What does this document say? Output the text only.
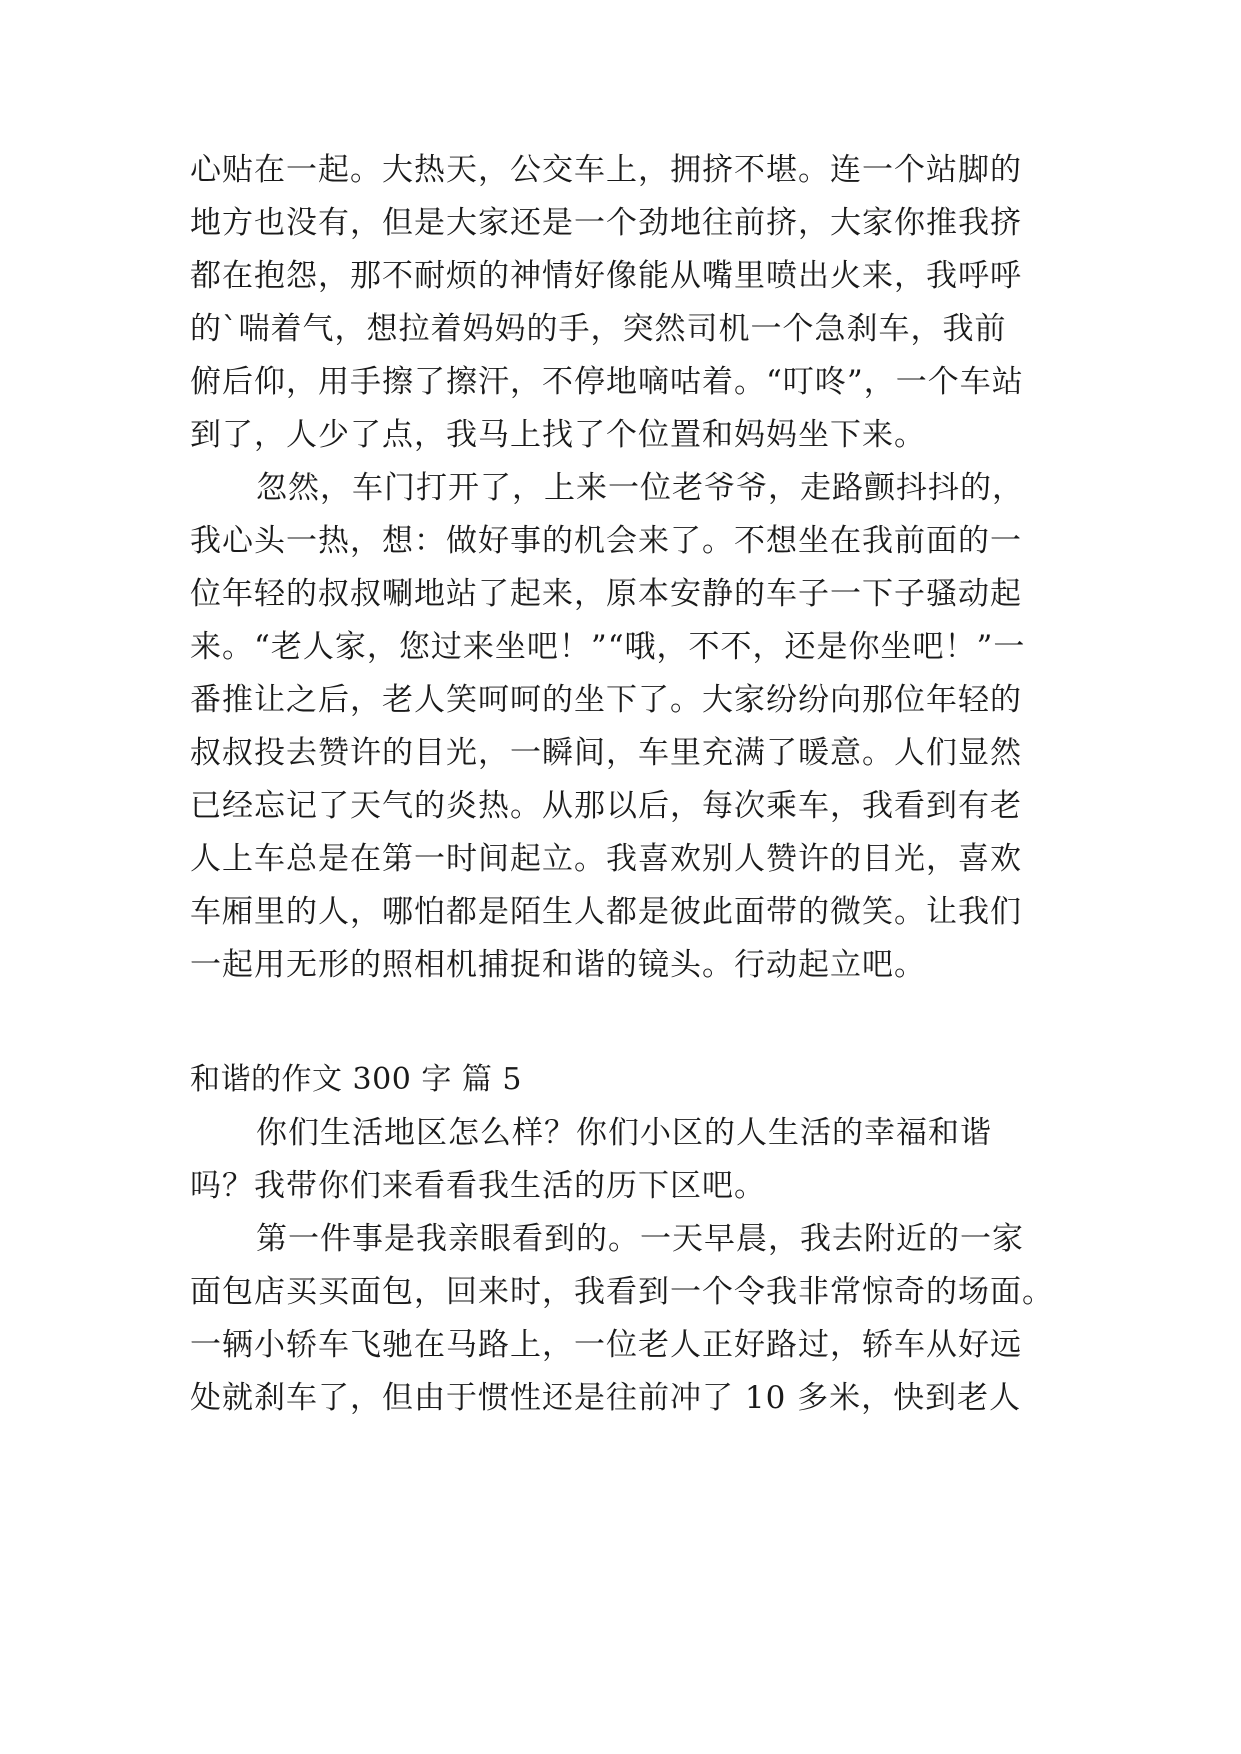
心贴在一起。大热天，公交车上，拥挤不堪。连一个站脚的
地方也没有，但是大家还是一个劲地往前挤，大家你推我挤
都在抱怨，那不耐烦的神情好像能从嘴里喷出火来，我呼呼
的`喘着气，想拉着妈妈的手，突然司机一个急刹车，我前
俯后仰，用手擦了擦汗，不停地嘀咕着。“叮咚”，一个车站
到了，人少了点，我马上找了个位置和妈妈坐下来。
忽然，车门打开了，上来一位老爷爷，走路颤抖抖的，
我心头一热，想：做好事的机会来了。不想坐在我前面的一
位年轻的叔叔唰地站了起来，原本安静的车子一下子骚动起
来。“老人家，您过来坐吧！”“哦，不不，还是你坐吧！”一
番推让之后，老人笑呵呵的坐下了。大家纷纷向那位年轻的
叔叔投去赞许的目光，一瞬间，车里充满了暖意。人们显然
已经忘记了天气的炎热。从那以后，每次乘车，我看到有老
人上车总是在第一时间起立。我喜欢别人赞许的目光，喜欢
车厢里的人，哪怕都是陌生人都是彼此面带的微笑。让我们
一起用无形的照相机捕捉和谐的镜头。行动起立吧。
和谐的作文 300 字 篇 5
你们生活地区怎么样？你们小区的人生活的幸福和谐
吗？我带你们来看看我生活的历下区吧。
第一件事是我亲眼看到的。一天早晨，我去附近的一家
面包店买买面包，回来时，我看到一个令我非常惊奇的场面。
一辆小轿车飞驰在马路上，一位老人正好路过，轿车从好远
处就刹车了，但由于惯性还是往前冲了 10 多米，快到老人
